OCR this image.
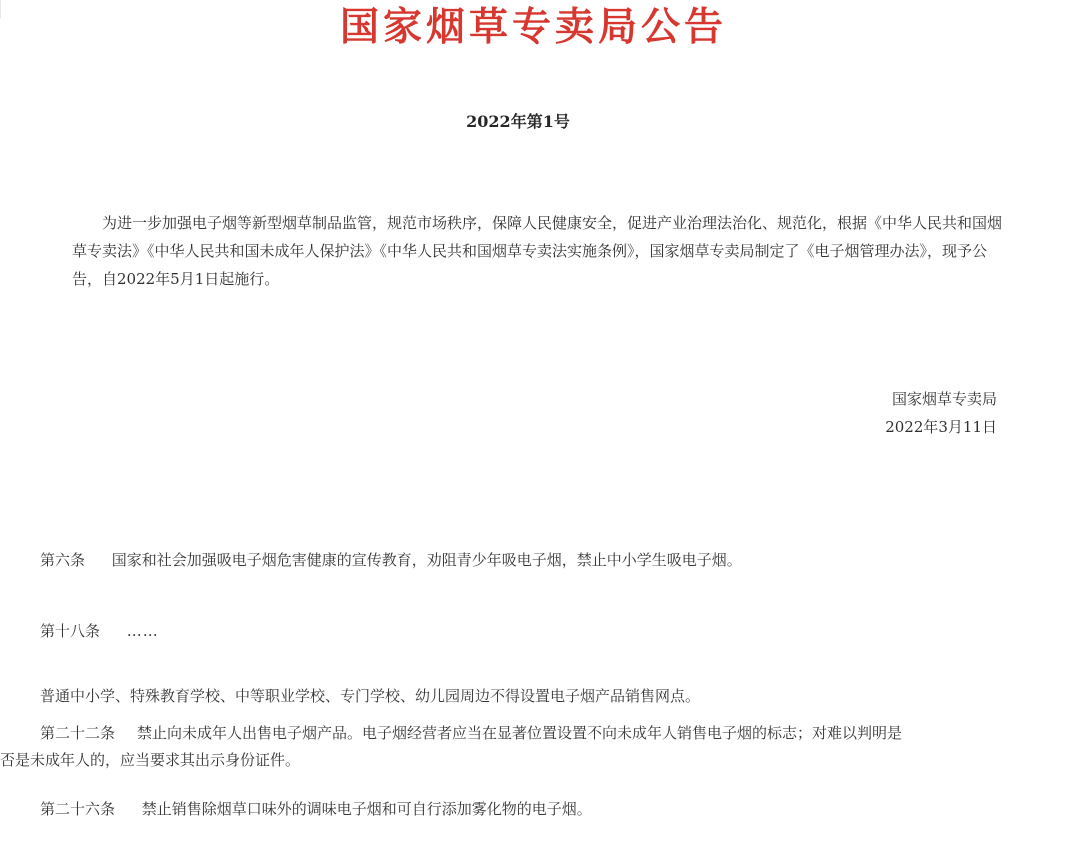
国家烟草专卖局公告
2022年第1号

为进一步加强电子烟等新型烟草制品监管，规范市场秩序，保障人民健康安全，促进产业治理法治化、规范化，根据《中华人民共和国烟草专卖法》《中华人民共和国未成年人保护法》《中华人民共和国烟草专卖法实施条例》，国家烟草专卖局制定了《电子烟管理办法》，现予公告，自2022年5月1日起施行。

国家烟草专卖局
2022年3月11日
第六条 国家和社会加强吸电子烟危害健康的宣传教育，劝阻青少年吸电子烟，禁止中小学生吸电子烟。
第十八条 ……
普通中小学、特殊教育学校、中等职业学校、专门学校、幼儿园周边不得设置电子烟产品销售网点。
第二十二条 禁止向未成年人出售电子烟产品。电子烟经营者应当在显著位置设置不向未成年人销售电子烟的标志；对难以判明是
否是未成年人的，应当要求其出示身份证件。
第二十六条 禁止销售除烟草口味外的调味电子烟和可自行添加雾化物的电子烟。
